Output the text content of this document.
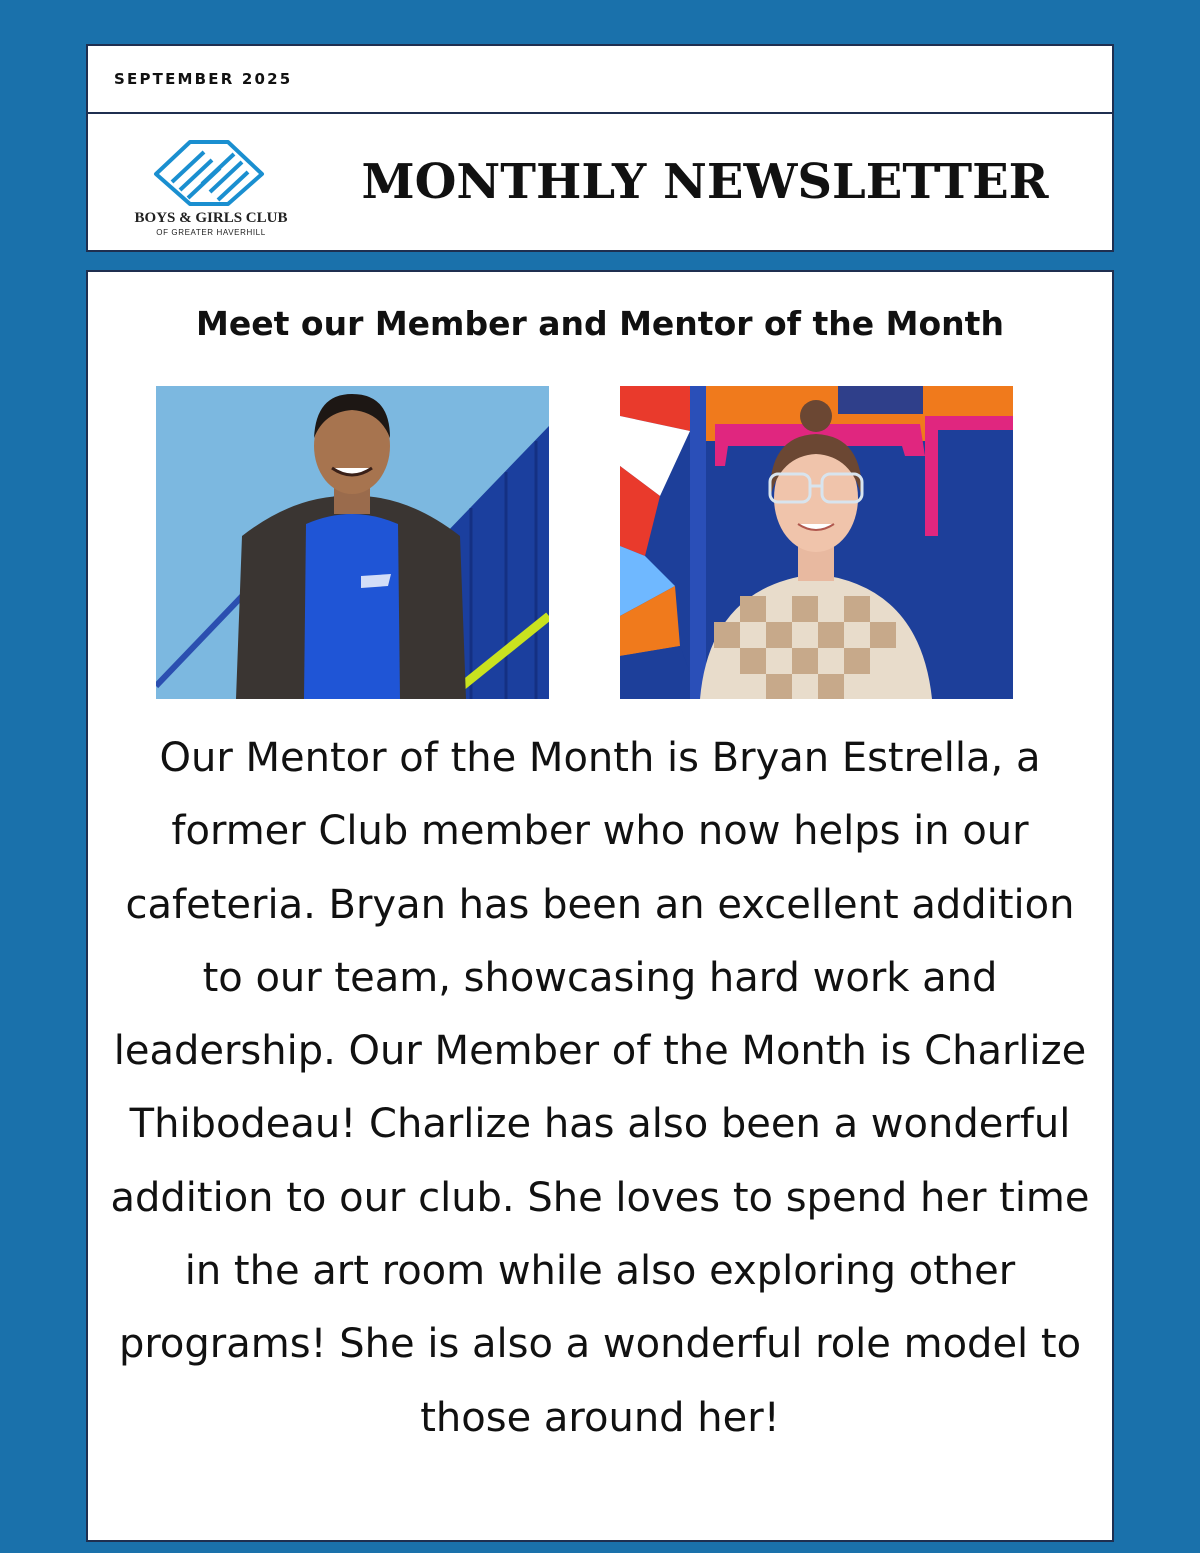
SEPTEMBER 2025
BOYS & GIRLS CLUB
OF GREATER HAVERHILL
MONTHLY NEWSLETTER
Meet our Member and Mentor of the Month

Our Mentor of the Month is Bryan Estrella, a former Club member who now helps in our cafeteria. Bryan has been an excellent addition to our team, showcasing hard work and leadership. Our Member of the Month is Charlize Thibodeau! Charlize has also been a wonderful addition to our club. She loves to spend her time in the art room while also exploring other programs! She is also a wonderful role model to those around her!
